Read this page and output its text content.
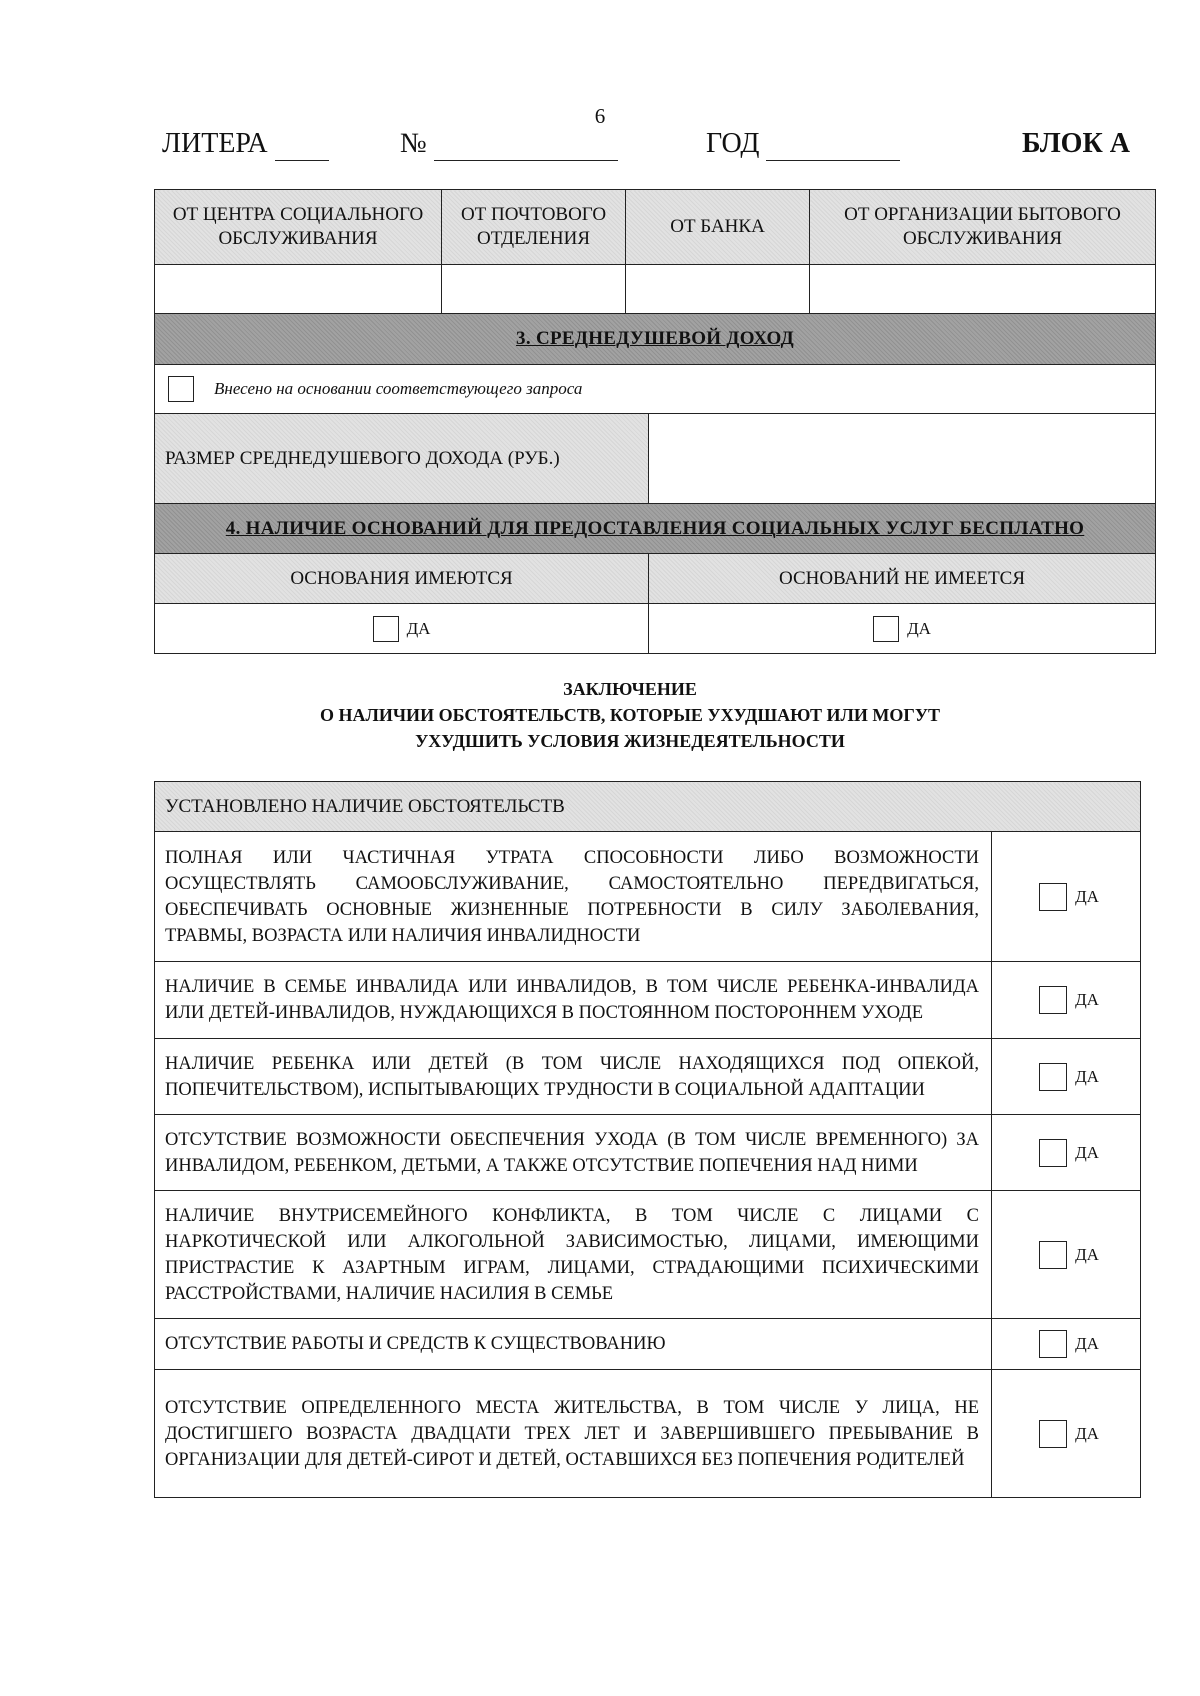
6
ЛИТЕРА	№	ГОД	БЛОК А
ОТ ЦЕНТРА СОЦИАЛЬНОГО ОБСЛУЖИВАНИЯ	ОТ ПОЧТОВОГО ОТДЕЛЕНИЯ	ОТ БАНКА		ОТ ОРГАНИЗАЦИИ БЫТОВОГО ОБСЛУЖИВАНИЯ

3. СРЕДНЕДУШЕВОЙ ДОХОД				
Внесено на основании соответствующего запроса				
РАЗМЕР СРЕДНЕДУШЕВОГО ДОХОДА (РУБ.)				
4. НАЛИЧИЕ ОСНОВАНИЙ ДЛЯ ПРЕДОСТАВЛЕНИЯ СОЦИАЛЬНЫХ УСЛУГ БЕСПЛАТНО				
ОСНОВАНИЯ ИМЕЮТСЯ			ОСНОВАНИЙ НЕ ИМЕЕТСЯ	
ДА			ДА	
ЗАКЛЮЧЕНИЕ
О НАЛИЧИИ ОБСТОЯТЕЛЬСТВ, КОТОРЫЕ УХУДШАЮТ ИЛИ МОГУТ
УХУДШИТЬ УСЛОВИЯ ЖИЗНЕДЕЯТЕЛЬНОСТИ
УСТАНОВЛЕНО НАЛИЧИЕ ОБСТОЯТЕЛЬСТВ	
ПОЛНАЯ ИЛИ ЧАСТИЧНАЯ УТРАТА СПОСОБНОСТИ ЛИБО ВОЗМОЖНОСТИ ОСУЩЕСТВЛЯТЬ САМООБСЛУЖИВАНИЕ, САМОСТОЯТЕЛЬНО ПЕРЕДВИГАТЬСЯ, ОБЕСПЕЧИВАТЬ ОСНОВНЫЕ ЖИЗНЕННЫЕ ПОТРЕБНОСТИ В СИЛУ ЗАБОЛЕВАНИЯ, ТРАВМЫ, ВОЗРАСТА ИЛИ НАЛИЧИЯ ИНВАЛИДНОСТИ	ДА
НАЛИЧИЕ В СЕМЬЕ ИНВАЛИДА ИЛИ ИНВАЛИДОВ, В ТОМ ЧИСЛЕ РЕБЕНКА-ИНВАЛИДА ИЛИ ДЕТЕЙ-ИНВАЛИДОВ, НУЖДАЮЩИХСЯ В ПОСТОЯННОМ ПОСТОРОННЕМ УХОДЕ	ДА
НАЛИЧИЕ РЕБЕНКА ИЛИ ДЕТЕЙ (В ТОМ ЧИСЛЕ НАХОДЯЩИХСЯ ПОД ОПЕКОЙ, ПОПЕЧИТЕЛЬСТВОМ), ИСПЫТЫВАЮЩИХ ТРУДНОСТИ В СОЦИАЛЬНОЙ АДАПТАЦИИ	ДА
ОТСУТСТВИЕ ВОЗМОЖНОСТИ ОБЕСПЕЧЕНИЯ УХОДА (В ТОМ ЧИСЛЕ ВРЕМЕННОГО) ЗА ИНВАЛИДОМ, РЕБЕНКОМ, ДЕТЬМИ, А ТАКЖЕ ОТСУТСТВИЕ ПОПЕЧЕНИЯ НАД НИМИ	ДА
НАЛИЧИЕ ВНУТРИСЕМЕЙНОГО КОНФЛИКТА, В ТОМ ЧИСЛЕ С ЛИЦАМИ С НАРКОТИЧЕСКОЙ ИЛИ АЛКОГОЛЬНОЙ ЗАВИСИМОСТЬЮ, ЛИЦАМИ, ИМЕЮЩИМИ ПРИСТРАСТИЕ К АЗАРТНЫМ ИГРАМ, ЛИЦАМИ, СТРАДАЮЩИМИ ПСИХИЧЕСКИМИ РАССТРОЙСТВАМИ, НАЛИЧИЕ НАСИЛИЯ В СЕМЬЕ	ДА
ОТСУТСТВИЕ РАБОТЫ И СРЕДСТВ К СУЩЕСТВОВАНИЮ	ДА
ОТСУТСТВИЕ ОПРЕДЕЛЕННОГО МЕСТА ЖИТЕЛЬСТВА, В ТОМ ЧИСЛЕ У ЛИЦА, НЕ ДОСТИГШЕГО ВОЗРАСТА ДВАДЦАТИ ТРЕХ ЛЕТ И ЗАВЕРШИВШЕГО ПРЕБЫВАНИЕ В ОРГАНИЗАЦИИ ДЛЯ ДЕТЕЙ-СИРОТ И ДЕТЕЙ, ОСТАВШИХСЯ БЕЗ ПОПЕЧЕНИЯ РОДИТЕЛЕЙ	ДА
